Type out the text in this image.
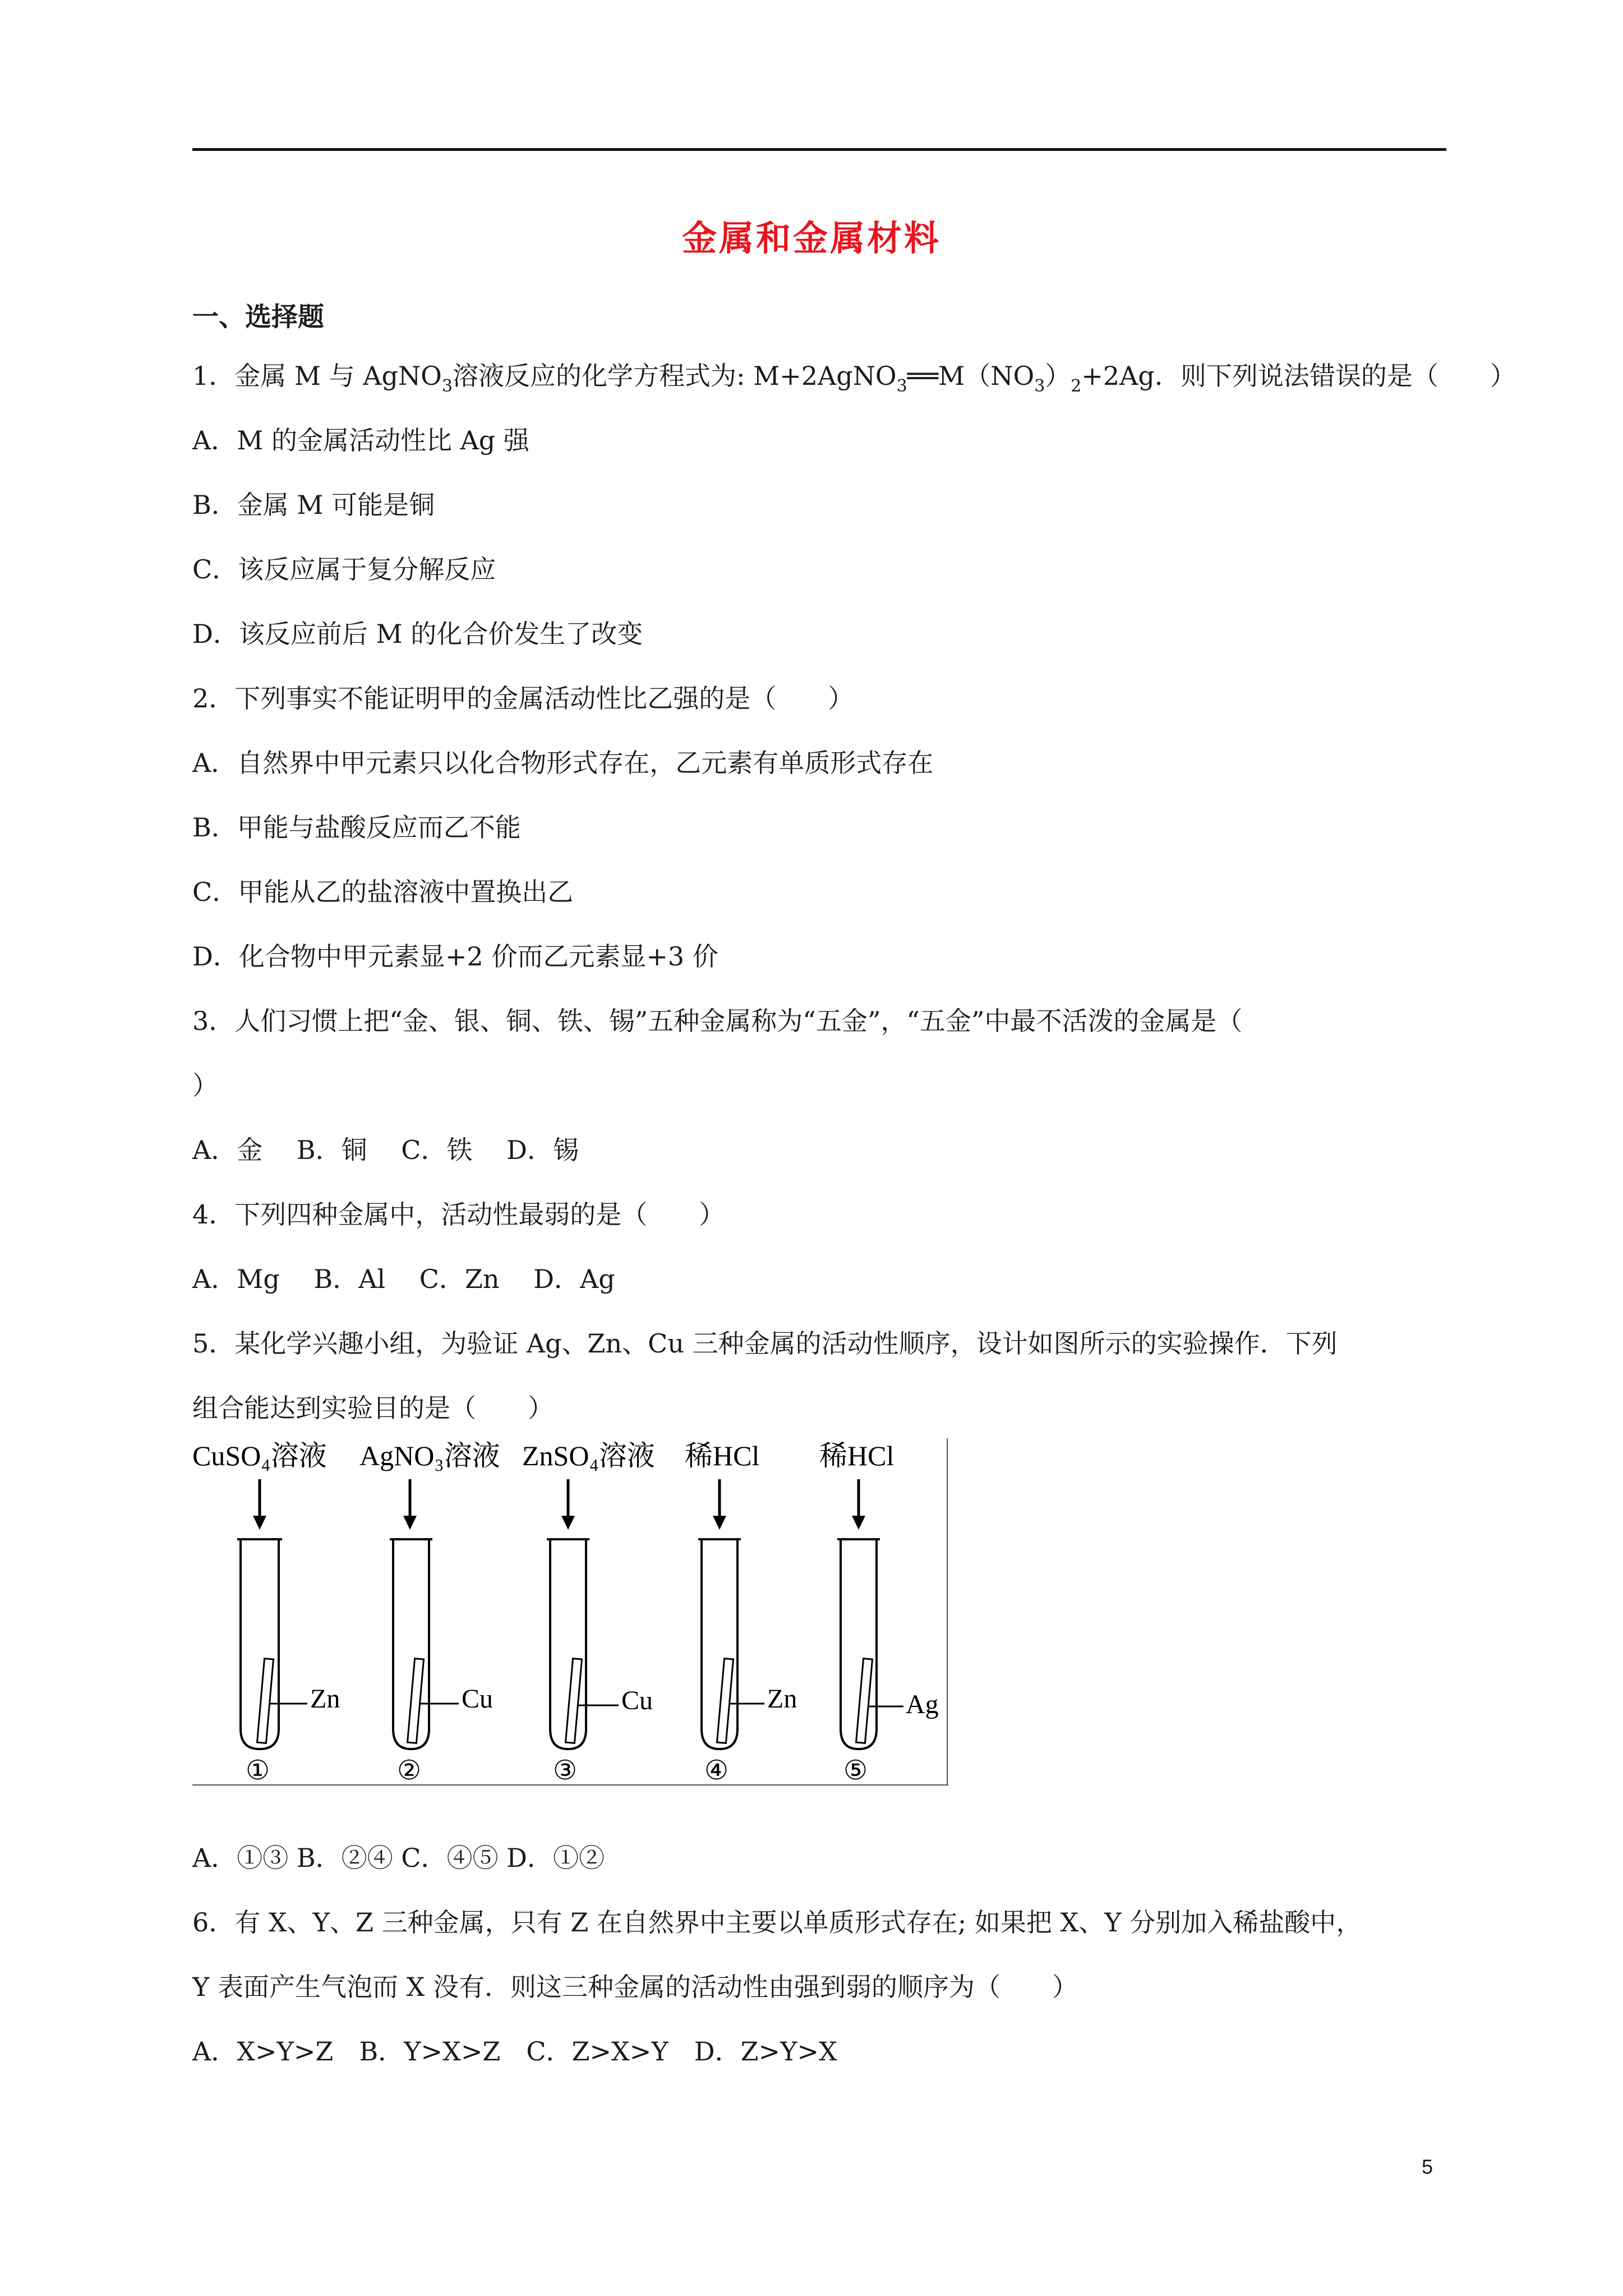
金属和金属材料
一、选择题
1．金属 M 与 AgNO$_3$溶液反应的化学方程式为: $M+2AgNO_3══M(NO_3)_2+2Ag$．则下列说法错误的是（　　）
A．M 的金属活动性比 Ag 强
B．金属 M 可能是铜
C．该反应属于复分解反应
D．该反应前后 M 的化合价发生了改变
2．下列事实不能证明甲的金属活动性比乙强的是（　　）
A．自然界中甲元素只以化合物形式存在，乙元素有单质形式存在
B．甲能与盐酸反应而乙不能
C．甲能从乙的盐溶液中置换出乙
D．化合物中甲元素显+2 价而乙元素显+3 价
3．人们习惯上把“金、银、铜、铁、锡”五种金属称为“五金”，“五金”中最不活泼的金属是（
）
A．金　 B．铜　 C．铁　 D．锡
4．下列四种金属中，活动性最弱的是（　　）
A．Mg　 B．Al　 C．Zn　 D．Ag
5．某化学兴趣小组，为验证 Ag、Zn、Cu 三种金属的活动性顺序，设计如图所示的实验操作．下列
组合能达到实验目的是（　　）
CuSO₄溶液
Zn
①
AgNO₃溶液
Cu
②
ZnSO₄溶液
Cu
③
稀HCl
Zn
④
稀HCl
Ag
⑤
A．①③ B．②④ C．④⑤ D．①②
6．有 X、Y、Z 三种金属，只有 Z 在自然界中主要以单质形式存在; 如果把 X、Y 分别加入稀盐酸中，
Y 表面产生气泡而 X 没有．则这三种金属的活动性由强到弱的顺序为（　　）
A．X>Y>Z　B．Y>X>Z　C．Z>X>Y　D．Z>Y>X
5
